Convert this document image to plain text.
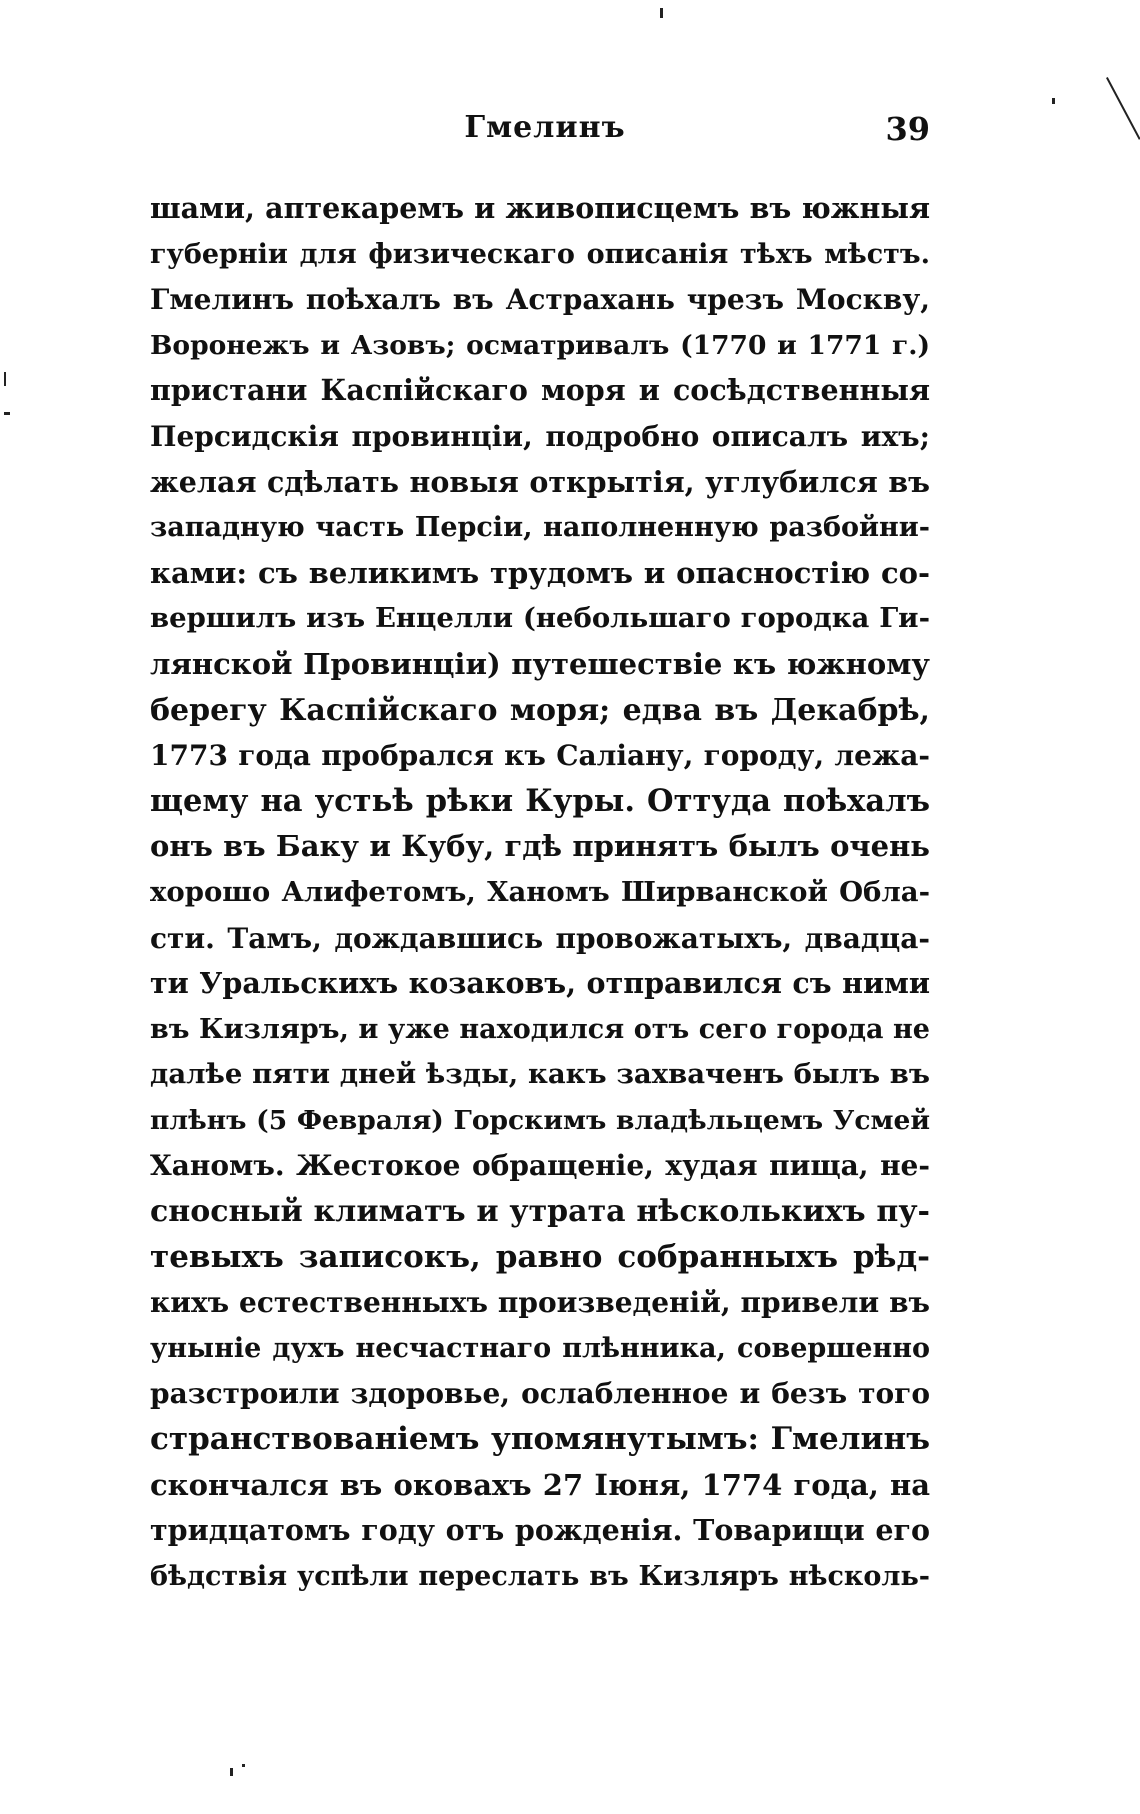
Гмелинъ	39
шами, аптекаремъ и живописцемъ въ южныя
губерніи для физическаго описанія тѣхъ мѣстъ.
Гмелинъ поѣхалъ въ Астрахань чрезъ Москву,
Воронежъ и Азовъ; осматривалъ (1770 и 1771 г.)
пристани Каспійскаго моря и сосѣдственныя
Персидскія провинціи, подробно описалъ ихъ;
желая сдѣлать новыя открытія, углубился въ
западную часть Персіи, наполненную разбойни-
ками: съ великимъ трудомъ и опасностію со-
вершилъ изъ Енцелли (небольшаго городка Ги-
лянской Провинціи) путешествіе къ южному
берегу Каспійскаго моря; едва въ Декабрѣ,
1773 года пробрался къ Саліану, городу, лежа-
щему на устьѣ рѣки Куры. Оттуда поѣхалъ
онъ въ Баку и Кубу, гдѣ принятъ былъ очень
хорошо Алифетомъ, Ханомъ Ширванской Обла-
сти. Тамъ, дождавшись провожатыхъ, двадца-
ти Уральскихъ козаковъ, отправился съ ними
въ Кизляръ, и уже находился отъ сего города не
далѣе пяти дней ѣзды, какъ захваченъ былъ въ
плѣнъ (5 Февраля) Горскимъ владѣльцемъ Усмей
Ханомъ. Жестокое обращеніе, худая пища, не-
сносный климатъ и утрата нѣсколькихъ пу-
тевыхъ записокъ, равно собранныхъ рѣд-
кихъ естественныхъ произведеній, привели въ
уныніе духъ несчастнаго плѣнника, совершенно
разстроили здоровье, ослабленное и безъ того
странствованіемъ упомянутымъ: Гмелинъ
скончался въ оковахъ 27 Іюня, 1774 года, на
тридцатомъ году отъ рожденія. Товарищи его
бѣдствія успѣли переслать въ Кизляръ нѣсколь-
